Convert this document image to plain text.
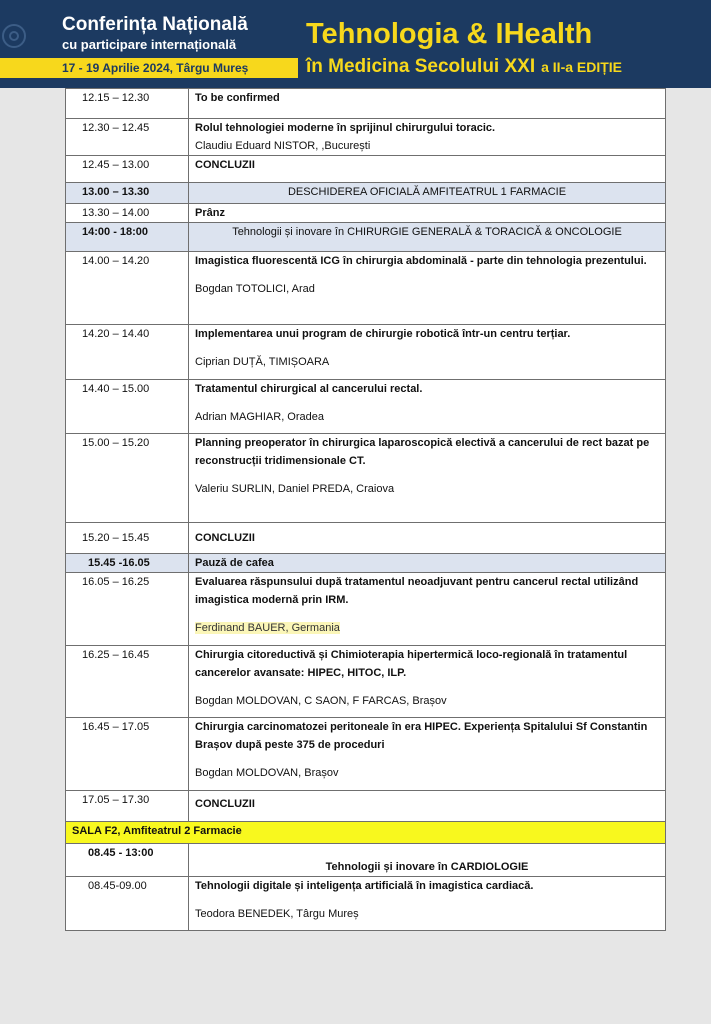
Conferința Națională
cu participare internațională
17 - 19 Aprilie 2024, Târgu Mureș
Tehnologia & IHealth
în Medicina Secolului XXI a II-a EDIȚIE
12.15 – 12.30	To be confirmed
12.30 – 12.45	Rolul tehnologiei moderne în sprijinul chirurgului toracic.
Claudiu Eduard NISTOR, ,București

12.45 – 13.00	CONCLUZII
13.00 – 13.30	DESCHIDEREA OFICIALĂ AMFITEATRUL 1 FARMACIE
13.30 – 14.00	Prânz
14:00 - 18:00	Tehnologii și inovare în CHIRURGIE GENERALĂ & TORACICĂ & ONCOLOGIE
14.00 – 14.20	Imagistica fluorescentă ICG în chirurgia abdominală - parte din tehnologia prezentului.
Bogdan TOTOLICI, Arad

14.20 – 14.40	Implementarea unui program de chirurgie robotică într-un centru terțiar.
Ciprian DUȚĂ, TIMIȘOARA

14.40 – 15.00	Tratamentul chirurgical al cancerului rectal.
Adrian MAGHIAR, Oradea

15.00 – 15.20	Planning preoperator în chirurgica laparoscopică electivă a cancerului de rect bazat pe reconstrucții tridimensionale CT.
Valeriu SURLIN, Daniel PREDA, Craiova

15.20 – 15.45	CONCLUZII
15.45 -16.05	Pauză de cafea
16.05 – 16.25	Evaluarea răspunsului după tratamentul neoadjuvant pentru cancerul rectal utilizând imagistica modernă prin IRM.
Ferdinand BAUER, Germania

16.25 – 16.45	Chirurgia citoreductivă și Chimioterapia hipertermică loco-regională în tratamentul cancerelor avansate: HIPEC, HITOC, ILP.
Bogdan MOLDOVAN, C SAON, F FARCAS, Brașov

16.45 – 17.05	Chirurgia carcinomatozei peritoneale în era HIPEC. Experiența Spitalului Sf Constantin Brașov după peste 375 de proceduri
Bogdan MOLDOVAN, Brașov

17.05 – 17.30	CONCLUZII
SALA F2, Amfiteatrul 2 Farmacie	
08.45 - 13:00	Tehnologii și inovare în CARDIOLOGIE
08.45-09.00	Tehnologii digitale și inteligența artificială în imagistica cardiacă.
Teodora BENEDEK, Târgu Mureș
